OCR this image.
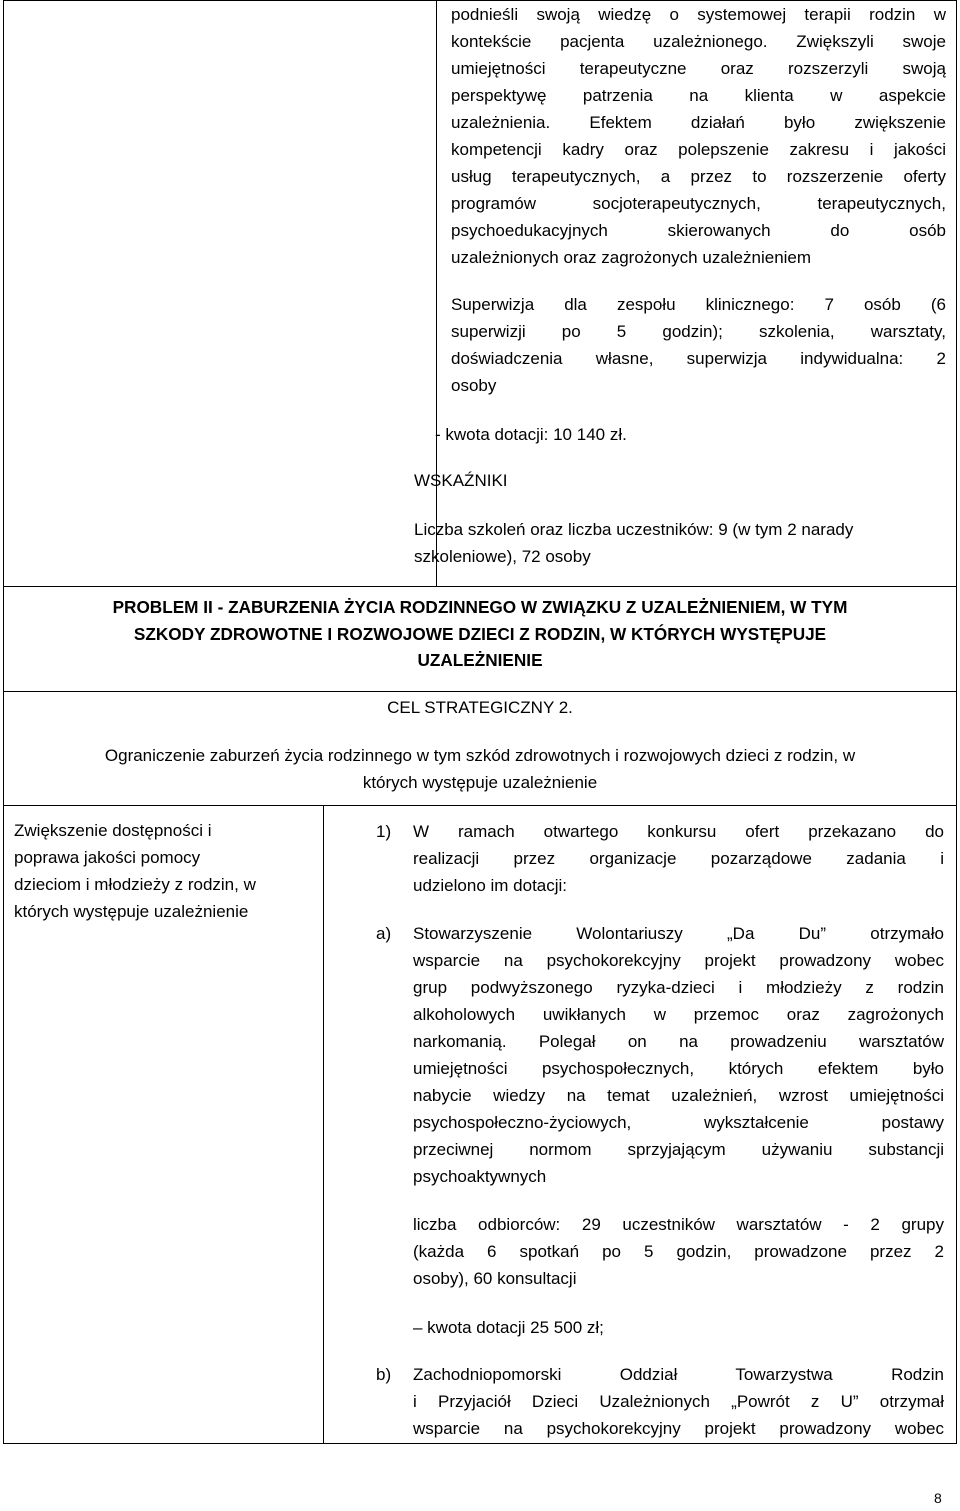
podnieśli swoją wiedzę o systemowej terapii rodzin w
kontekście pacjenta uzależnionego. Zwiększyli swoje
umiejętności terapeutyczne oraz rozszerzyli swoją
perspektywę patrzenia na klienta w aspekcie
uzależnienia. Efektem działań było zwiększenie
kompetencji kadry oraz polepszenie zakresu i jakości
usług terapeutycznych, a przez to rozszerzenie oferty
programów socjoterapeutycznych, terapeutycznych,
psychoedukacyjnych skierowanych do osób
uzależnionych oraz zagrożonych uzależnieniem
Superwizja dla zespołu klinicznego: 7 osób (6
superwizji po 5 godzin); szkolenia, warsztaty,
doświadczenia własne, superwizja indywidualna: 2
osoby
- kwota dotacji: 10 140 zł.
WSKAŹNIKI
Liczba szkoleń oraz liczba uczestników: 9 (w tym 2 narady
szkoleniowe), 72 osoby
PROBLEM II - ZABURZENIA ŻYCIA RODZINNEGO W ZWIĄZKU Z UZALEŻNIENIEM, W TYM
SZKODY ZDROWOTNE I ROZWOJOWE DZIECI Z RODZIN, W KTÓRYCH WYSTĘPUJE
UZALEŻNIENIE
CEL STRATEGICZNY 2.
Ograniczenie zaburzeń życia rodzinnego w tym szkód zdrowotnych i rozwojowych dzieci z rodzin, w
których występuje uzależnienie
Zwiększenie dostępności i
poprawa jakości pomocy
dzieciom i młodzieży z rodzin, w
których występuje uzależnienie
1) W ramach otwartego konkursu ofert przekazano do
realizacji przez organizacje pozarządowe zadania i
udzielono im dotacji:
a) Stowarzyszenie Wolontariuszy „Da Du” otrzymało
wsparcie na psychokorekcyjny projekt prowadzony wobec
grup podwyższonego ryzyka-dzieci i młodzieży z rodzin
alkoholowych uwikłanych w przemoc oraz zagrożonych
narkomanią. Polegał on na prowadzeniu warsztatów
umiejętności psychospołecznych, których efektem było
nabycie wiedzy na temat uzależnień, wzrost umiejętności
psychospołeczno-życiowych, wykształcenie postawy
przeciwnej normom sprzyjającym używaniu substancji
psychoaktywnych
liczba odbiorców: 29 uczestników warsztatów - 2 grupy
(każda 6 spotkań po 5 godzin, prowadzone przez 2
osoby), 60 konsultacji
– kwota dotacji 25 500 zł;
b) Zachodniopomorski Oddział Towarzystwa Rodzin
i Przyjaciół Dzieci Uzależnionych „Powrót z U” otrzymał
wsparcie na psychokorekcyjny projekt prowadzony wobec
8
